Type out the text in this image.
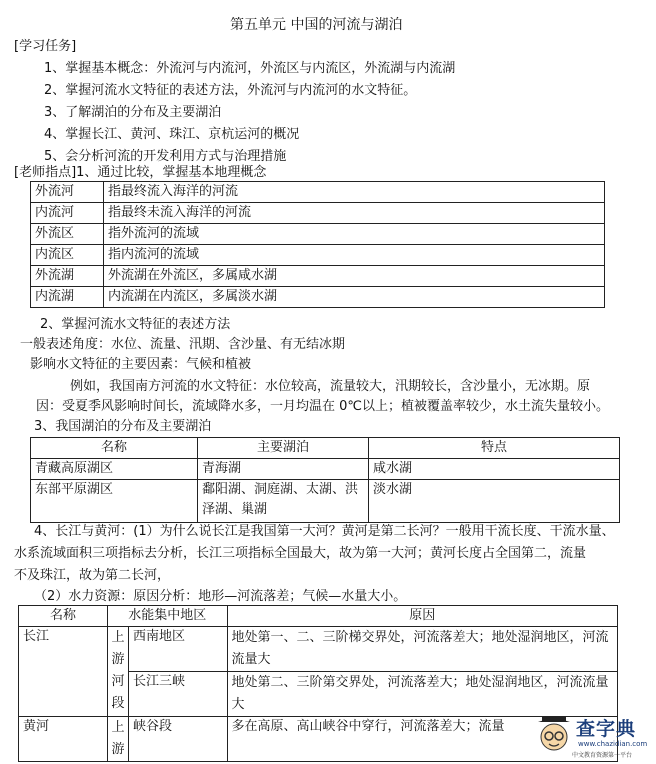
第五单元 中国的河流与湖泊
[学习任务]
1、掌握基本概念：外流河与内流河，外流区与内流区，外流湖与内流湖
2、掌握河流水文特征的表述方法，外流河与内流河的水文特征。
3、了解湖泊的分布及主要湖泊
4、掌握长江、黄河、珠江、京杭运河的概况
5、会分析河流的开发利用方式与治理措施
[老师指点]1、通过比较，掌握基本地理概念
外流河	指最终流入海洋的河流
内流河	指最终未流入海洋的河流
外流区	指外流河的流域
内流区	指内流河的流域
外流湖	外流湖在外流区，多属咸水湖
内流湖	内流湖在内流区，多属淡水湖
2、掌握河流水文特征的表述方法
一般表述角度：水位、流量、汛期、含沙量、有无结冰期
影响水文特征的主要因素：气候和植被
例如，我国南方河流的水文特征：水位较高，流量较大，汛期较长，含沙量小，无冰期。原
因：受夏季风影响时间长，流域降水多，一月均温在 0℃以上；植被覆盖率较少，水土流失量较小。
3、我国湖泊的分布及主要湖泊
名称	主要湖泊	特点
青藏高原湖区	青海湖	咸水湖
东部平原湖区	鄱阳湖、洞庭湖、太湖、洪泽湖、巢湖	淡水湖
4、长江与黄河：(1）为什么说长江是我国第一大河？黄河是第二长河？一般用干流长度、干流水量、
水系流域面积三项指标去分析，长江三项指标全国最大，故为第一大河；黄河长度占全国第二，流量
不及珠江，故为第二长河，
（2）水力资源：原因分析：地形—河流落差；气候—水量大小。
名称	水能集中地区		原因
长江	上游河段	西南地区	地处第一、二、三阶梯交界处，河流落差大；地处湿润地区，河流流量大
		长江三峡	地处第二、三阶第交界处，河流落差大；地处湿润地区，河流流量大
黄河	上游	峡谷段	多在高原、高山峡谷中穿行，河流落差大；流量	查字典
www.chazidian.com
中文教育资源第一平台
